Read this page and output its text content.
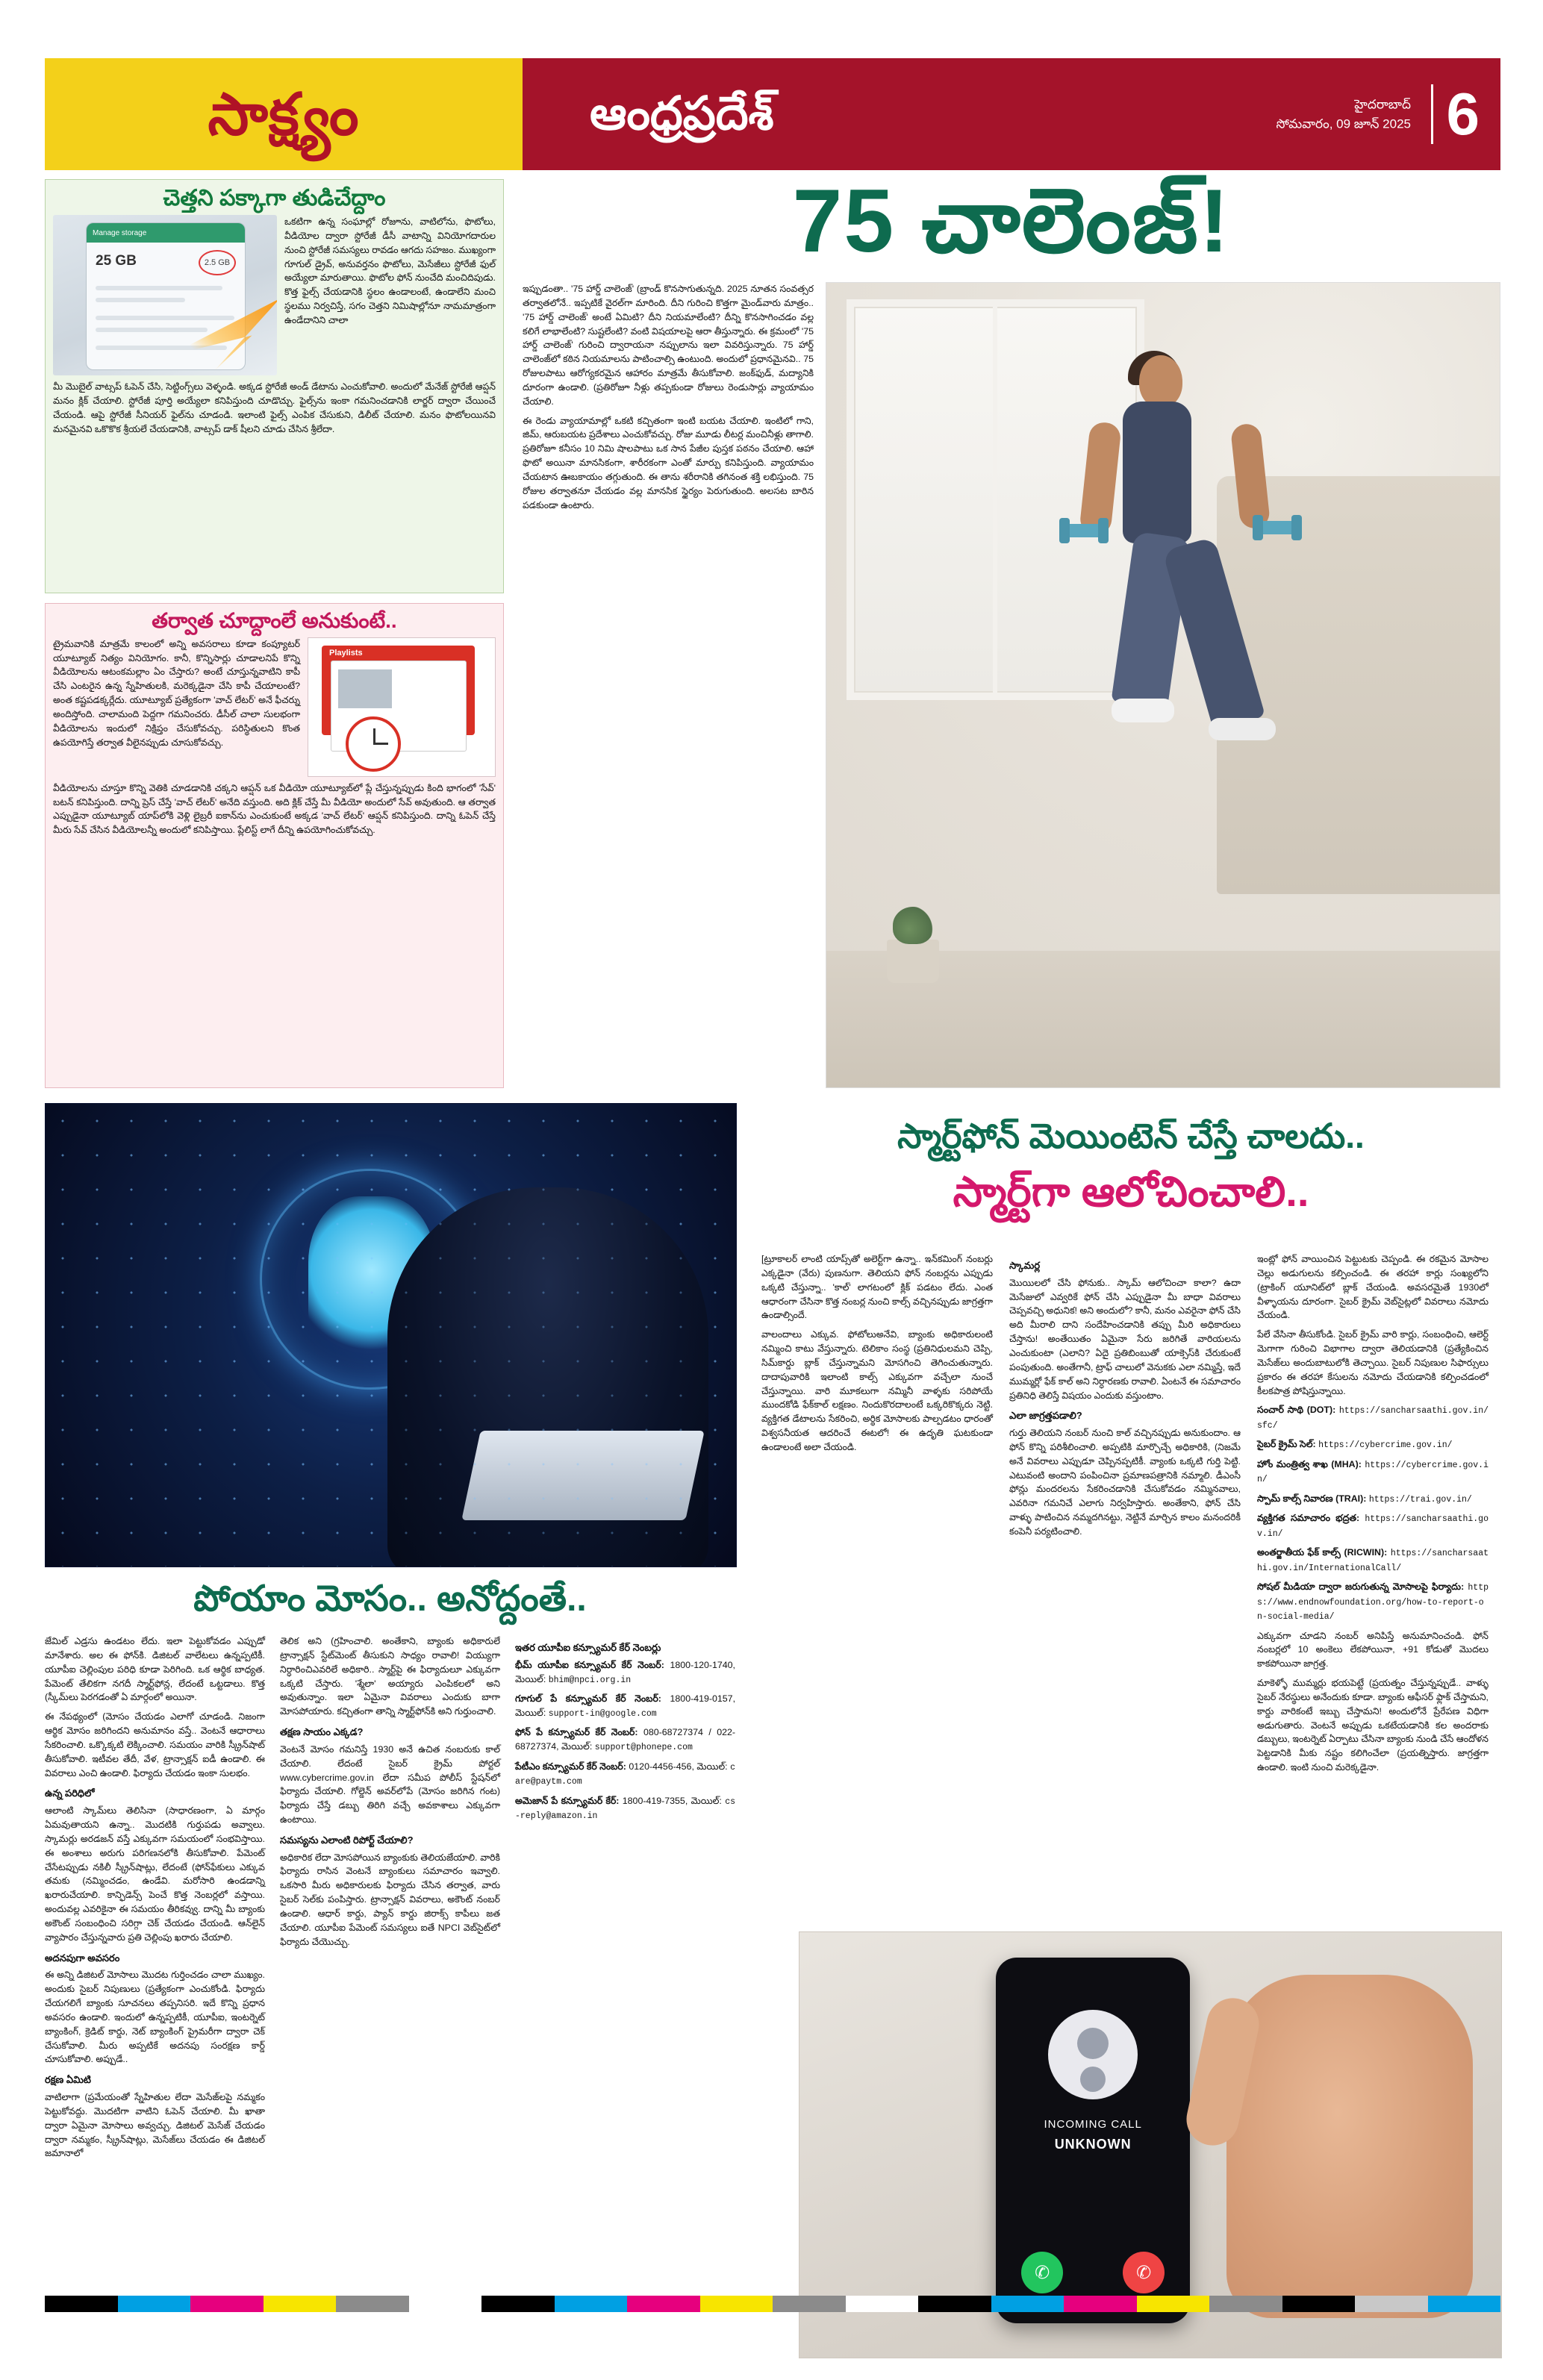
సాక్ష్యం	ఆంధ్రప్రదేశ్	హైదరాబాద్
సోమవారం, 09 జూన్ 2025 6
చెత్తని పక్కాగా తుడిచేద్దాం
Manage storage
25 GB	2.5 GB

ఒకటిగా ఉన్న సంఘాల్లో రోజూను, వాటిలోను, ఫొటోలు, వీడియోల ద్వారా స్టోరేజీ డీసీ వాటాన్ని వినియోగదారుల నుంచి స్టోరేజీ సమస్యలు రావడం ఆగదు సహజం. ముఖ్యంగా గూగుల్ డ్రైవ్, అనువర్తనం ఫొటోలు, మెసేజీలు స్టోరేజీ ఫుల్ అయ్యేలా మారుతాయి. ఫొటోల ఫోన్ నుంచేది మంచిదిపుడు. కొత్త ఫైల్స్ చేయడానికి స్థలం ఉండాలంటే, ఉండాలేని మంచి స్థలము నిర్వచిస్తే, సగం చెత్తని నిమిషాల్లోనూ నామమాత్రంగా ఉండేదానిని చాలా

మీ మొబైల్ వాట్సప్ ఓపెన్ చేసి, సెట్టింగ్స్‌లు వెళ్ళండి. అక్కడ స్టోరేజీ అండ్ డేటాను ఎంచుకోవాలి. అందులో మేనేజ్ స్టోరేజీ ఆప్షన్ మనం క్లిక్ చేయాలి. స్టోరేజీ పూర్తి అయ్యేలా కనిపిస్తుంది చూడొచ్చు. ఫైల్స్‌ను ఇంకా గమనించడానికి లార్జర్ ద్వారా చేయించే చేయండి. ఆపై స్టోరేజీ సీనియర్ ఫైల్‌ను చూడండి. ఇలాంటి ఫైల్స్ ఎంపిక చేసుకుని, డిలీట్ చేయాలి. మనం ఫొటోలయినవి మనమైనవి ఒకొకొక శ్రీయలే చేయడానికి, వాట్సప్ డాక్ షీలని చూడు చేసిన శ్రీలేదా.

తర్వాత చూద్దాంలే అనుకుంటే..

ట్రైమవానికి మాత్రమే కాలంలో అన్ని అవసరాలు కూడా కంప్యూటర్ యూట్యూబ్ నిత్యం వినియోగం. కానీ, కొన్నిసార్లు చూడాలనిపే కొన్ని వీడియోలను ఆటంకమల్లాం ఏం చేస్తారు? అంటే చూస్తున్నవాటిని కాపీ చేసి ఎంటరైన ఉన్న స్నేహితులకి, మరెక్కడైనా చేసి కాపీ చేయాలంటే? అంత కష్టపడక్కర్లేదు. యూట్యూబ్ ప్రత్యేకంగా 'వాచ్ లేటర్' అనే ఫీచర్ను అందిస్తోంది. చాలామంది పెద్దగా గమనించరు. డీసీల్ చాలా సులభంగా వీడియోలను ఇందులో నిక్షిప్తం చేసుకోవచ్చు. పరిస్థితులని కొంత ఉపయోగిస్తే తర్వాత వీలైనప్పుడు చూసుకోవచ్చు.

Playlists

వీడియోలను చూస్తూ కొన్ని వెతికి చూడడానికి చక్కని ఆప్షన్ ఒక వీడియో యూట్యూబ్‌లో ప్లే చేస్తున్నప్పుడు కింది భాగంలో 'సేవ్' బటన్ కనిపిస్తుంది. దాన్ని ప్రెస్ చేస్తే 'వాచ్ లేటర్' అనేది వస్తుంది. అది క్లిక్ చేస్తే మీ వీడియో అందులో సేవ్ అవుతుంది. ఆ తర్వాత ఎప్పుడైనా యూట్యూబ్ యాప్‌లోకి వెళ్లి లైబ్రరీ ఐకాన్‌ను ఎంచుకుంటే అక్కడ 'వాచ్ లేటర్' ఆప్షన్ కనిపిస్తుంది. దాన్ని ఓపెన్ చేస్తే మీరు సేవ్ చేసిన వీడియోలన్నీ అందులో కనిపిస్తాయి. ప్లేలిస్ట్ లాగే దీన్ని ఉపయోగించుకోవచ్చు.

75 చాలెంజ్!

ఇప్పుడంతా.. '75 హార్డ్ చాలెంజ్' (బ్రాండ్ కొనసాగుతున్నది. 2025 నూతన సంవత్సర తర్వాతలోనే.. ఇప్పటికే వైరల్‌గా మారింది. దీని గురించి కొత్తగా మైండ్‌వారు మాత్రం.. '75 హార్డ్ చాలెంజ్' అంటే ఏమిటి? దీని నియమాలేంటి? దీన్ని కొనసాగించడం వల్ల కలిగే లాభాలేంటి? సుష్టలేంటి? వంటి విషయాలపై ఆరా తీస్తున్నారు. ఈ క్రమంలో '75 హార్డ్ చాలెంజ్' గురించి ద్వారాయనా నప్పులాను ఇలా వివరిస్తున్నారు. 75 హార్డ్ చాలెంజ్‌లో కఠిన నియమాలను పాటించాల్సి ఉంటుంది. అందులో ప్రధానమైనవి.. 75 రోజులపాటు ఆరోగ్యకరమైన ఆహారం మాత్రమే తీసుకోవాలి. జంక్‌ఫుడ్, మద్యానికి దూరంగా ఉండాలి. (ప్రతిరోజూ నీళ్లు తప్పకుండా రోజులు రెండుసార్లు వ్యాయామం చేయాలి.

ఈ రెండు వ్యాయామాల్లో ఒకటి కచ్చితంగా ఇంటి బయట చేయాలి. ఇంటిలో గాని, జిమ్, ఆరుబయట ప్రదేశాలు ఎంచుకోవచ్చు. రోజు మూడు లీటర్ల మంచినీళ్లు తాగాలి. ప్రతిరోజూ కనీసం 10 నిమి షాలపాటు ఒక సాన పేజీల పుస్తక పఠనం చేయాలి. ఆహా ఫొటో అయినా మానసికంగా, శారీరకంగా ఎంతో మార్పు కనిపిస్తుంది. వ్యాయామం చేయటాన ఊబకాయం తగ్గుతుంది. ఈ తాను శరీరానికి తగినంత శక్తి లభిస్తుంది. 75 రోజుల తర్వాతనూ చేయడం వల్ల మానసిక స్థైర్యం పెరుగుతుంది. అలసట బారిన పడకుండా ఉంటారు.

పోయాం మోసం.. అనోద్దంతే..

జేమిల్ ఎడ్రసు ఉండటం లేదు. ఇలా పెట్టుకోవడం ఎప్పుడో మానేశారు. అల ఈ ఫోన్‌కి. డిజిటల్ వాలేటలు ఉన్నప్పటికీ. యూపీఐ చెల్లింపుల పరిధి కూడా పెరిగింది. ఒక ఆర్థిక బాధ్యత. పేమెంట్ తేలికగా నగదీ స్మార్ట్‌ఫోన్ల, లేదంటే ఒట్టడాలు. కొత్త (స్కీమ్‌లు పెరగడంతో ఏ మార్గంలో అయినా.

ఈ నేపథ్యంలో (మోసం చేయడం ఎలాగో చూడండి. నిజంగా ఆర్థిక మోసం జరిగిందని అనుమానం వస్తే.. వెంటనే ఆధారాలు సేకరించాలి. ఒక్కొక్కటి లెక్కించాలి. సమయం వారికి స్క్రీన్‌షాట్ తీసుకోవాలి. ఇటీవల తేదీ, వేళ, ట్రాన్సాక్షన్ ఐడీ ఉండాలి. ఈ వివరాలు ఎంచి ఉండాలి. ఫిర్యాదు చేయడం ఇంకా సులభం.

ఉన్న పరిధిలో

ఆలాంటి స్కామ్‌లు తెలిసినా (సాధారణంగా, ఏ మార్గం ఏమవుతాయని ఉన్నా.. మొదటికి గుర్తుపడు అవ్వాలు. స్కామర్లు అరడజన్ వస్తే ఎక్కువగా సమయంలో సంభవిస్తాయి. ఈ అంశాలు అరుగు పరిగణనలోకి తీసుకోవాలి. పేమెంట్ చేసేటప్పుడు నకిలీ స్క్రీన్‌షాట్లు, లేదంటే (ఫోన్‌ఫేకులు ఎక్కువ తమకు (నమ్మించడం, ఉండేవి. మరోసారి ఉండడాన్ని ఖరారుచేయాలి. కాన్ఫిడెన్స్ పెంచే కొత్త నెంబర్లలో వస్తాయి. అందువల్ల ఎవరికైనా ఈ సమయం తీరికవ్వు. దాన్ని మీ బ్యాంకు అకౌంట్ సంబంధించి సరిగ్గా చెక్ చేయడం చేయండి. ఆన్‌లైన్ వ్యాపారం చేస్తున్నవారు ప్రతి చెల్లింపు ఖరారు చేయాలి.

అదనపుగా అవసరం

ఈ అన్ని డిజిటల్ మోసాలు మొదట గుర్తించడం చాలా ముఖ్యం. అందుకు సైబర్ నిపుణులు (ప్రత్యేకంగా ఎంచుకోండి. ఫిర్యాదు చేయగలిగే బ్యాంకు సూచనలు తప్పనిసరి. ఇదే కొన్ని ప్రధాన అవసరం ఉండాలి. ఇందులో ఉన్నప్పటికీ, యూపీఐ, ఇంటర్నెట్ బ్యాంకింగ్, క్రెడిట్ కార్డు, నెట్ బ్యాంకింగ్ ప్రైమరీగా ద్వారా చెక్ చేసుకోవాలి. మీరు అప్పటికే అదనపు సంరక్షణ కార్డ్ చూసుకోవాలి. అప్పుడే..

రక్షణ ఏమిటి

వాటిలాగా (ప్రమేయంతో స్నేహితుల లేదా మెసేజ్‌లపై నమ్మకం పెట్టుకోవద్దు. మొదటిగా వాటిని ఓపెన్ చేయాలి. మీ ఖాతా ద్వారా ఏమైనా మోసాలు అవ్వచ్చు. డిజిటల్ మెసేజ్ చేయడం ద్వారా నమ్మకం, స్క్రీన్‌షాట్లు, మెసేజ్‌లు చేయడం ఈ డిజిటల్ జమానాలో

తెలిక అని (గ్రహించాలి. అంతేకాని, బ్యాంకు అధికారులే ట్రాన్సాక్షన్ స్టేట్‌మెంట్ తీసుకుని సాధ్యం రావాలి! వియ్యుగా నిర్ధారించిఎవరిలే అధికారి.. స్మార్ట్‌పై ఈ ఫిర్యాదులూ ఎక్కువగా ఒక్కటి చేస్తారు. 'శ్మేలా' అయ్యారు ఎంపికలలో అని అవుతున్నాం. ఇలా ఏమైనా వివరాలు ఎందుకు బాగా మోసపోయారు. కచ్చితంగా తాన్ని స్మార్ట్‌ఫోన్‌కి అని గుర్తుంచాలి.

తక్షణ సాయం ఎక్కడ?

వెంటనే మోసం గమనిస్తే 1930 అనే ఉచిత నంబరుకు కాల్ చేయాలి. లేదంటే సైబర్ క్రైమ్ పోర్టల్ www.cybercrime.gov.in లేదా సమీప పోలీస్ స్టేషన్‌లో ఫిర్యాదు చేయాలి. గోల్డెన్ అవర్‌లోపే (మోసం జరిగిన గంట) ఫిర్యాదు చేస్తే డబ్బు తిరిగి వచ్చే అవకాశాలు ఎక్కువగా ఉంటాయి.

సమస్యను ఎలాంటి రిపోర్ట్ చేయాలి?

అధికారిక లేదా మోసపోయిన బ్యాంకుకు తెలియజేయాలి. వారికి ఫిర్యాదు రాసిన వెంటనే బ్యాంకులు సమాచారం ఇవ్వాలి. ఒకసారి మీరు అధికారులకు ఫిర్యాదు చేసిన తర్వాత, వారు సైబర్ సెల్‌కు పంపిస్తారు. ట్రాన్సాక్షన్ వివరాలు, అకౌంట్ నంబర్ ఉండాలి. ఆధార్ కార్డు, ప్యాన్ కార్డు జిరాక్స్ కాపీలు జత చేయాలి. యూపీఐ పేమెంట్ సమస్యలు ఐతే NPCI వెబ్‌సైట్‌లో ఫిర్యాదు చేయొచ్చు.

ఇతర యూపీఐ కన్స్యూమర్ కేర్ నెంబర్లు

భీమ్ యూపీఐ కన్స్యూమర్ కేర్ నెంబర్: 1800-120-1740, మెయిల్: bhim@npci.org.in

గూగుల్ పే కన్స్యూమర్ కేర్ నెంబర్: 1800-419-0157, మెయిల్: support-in@google.com

ఫోన్ పే కన్స్యూమర్ కేర్ నెంబర్: 080-68727374 / 022-68727374, మెయిల్: support@phonepe.com

పేటీఎం కన్స్యూమర్ కేర్ నెంబర్: 0120-4456-456, మెయిల్: care@paytm.com

అమెజాన్ పే కన్స్యూమర్ కేర్: 1800-419-7355, మెయిల్: cs-reply@amazon.in

స్మార్ట్‌ఫోన్ మెయింటెన్ చేస్తే చాలదు..
స్మార్ట్‌గా ఆలోచించాలి..

[ట్రూకాలర్ లాంటి యాప్స్‌తో అలెర్ట్‌గా ఉన్నా.. ఇన్‌కమింగ్ నంబర్లు ఎక్కడైనా (వేరు) పుణనుగా. తెలియని ఫోన్ నంబర్లను ఎప్పుడు ఒక్కటి చేస్తున్నా.. 'కాల్' లాగటంలో క్లిక్ పడటం లేదు. ఎంత ఆధారంగా చేసినా కొత్త నంబర్ల నుంచి కాల్స్ వచ్చినప్పుడు జాగ్రత్తగా ఉండాల్సిందే.

వాలందాలు ఎక్కువ. ఫోటోలుఅనేవి, బ్యాంకు అధికారులంటి నమ్మించి కాటు వేస్తున్నారు. టెలికాం సంస్థ (ప్రతినిధులమని చెప్పి, సిమ్‌కార్డు బ్లాక్ చేస్తున్నామని మోసగించి తెగించుతున్నారు. దాదాపువారికి ఇలాంటి కాల్స్ ఎక్కువగా వచ్చేలా నుంచే చేస్తున్నాయి. వారి మూకలుగా నమ్మినీ వాళ్ళకు సరిపోయే ముందకోడి ఫేక్‌కాల్ లక్షణం. నిందుకొరదాలంటే ఒక్కరికొక్కరు నెట్టి. వ్యక్తిగత డేటాలను సేకరించి, అర్థిక మోసాలకు పాల్పడటం ధారంతో విశ్వసనీయత ఆదరించే ఈటలో! ఈ ఉదృతి ఘటకుండా ఉండాలంటే అలా చేయండి.

స్కామర్ల

మొయిలలో చేసి ఫోనుకు.. స్కామ్ ఆలోచించా కాలా? ఉదా మెసేజులో ఎవ్వరికే ఫోన్ చేసి ఎప్పుడైనా మీ బాధా వివరాలు చెప్పవచ్చి అధునిక! అని అందులో? కానీ, మనం ఎవరైనా ఫోన్ చేసి అది మీరాలి దాని సందేహించడానికి తప్పు మీరి అధికారులు చేస్తాను! అంతేయితం ఏమైనా సేరు జరిగితే వారియలను ఎంచుకుంటా (ఎలాని? ఏదై ప్రతిబింబుతో యాక్సెస్‌కి చేరుకుంటే పంపుతుంది. అంతేగానీ, ట్రాఫ్ చాలులో వెనుకకు ఎలా నమ్మిస్తే, ఇదే ముమ్మర్లో ఫేక్ కాల్ అని నిర్ధారణకు రావాలి. ఏంటనే ఈ సమాచారం ప్రతినిధి తెలిస్తే విషయం ఎందుకు వస్తుంటాం.

ఎలా జాగ్రత్తపడాలి?

గుర్తు తెలియని నంబర్ నుంచి కాల్ వచ్చినప్పుడు అనుకుందాం. ఆ ఫోన్ కొన్ని పరిశీలించాలి. అప్పటికి మార్చొచ్చే అధికారికి, (నిజమే అనే వివరాలు ఎప్పుడూ చెప్పినప్పటికీ. వ్యాంకు ఒక్కటి గుర్తి పెట్టి. ఎటువంటి అందాని పంపించినా ప్రమాణపత్రానికి నమ్మాలి. డీఎంసీ ఫోన్లు మందరలను సేకరించడానికి చేసుకోవడం నమ్మినవాలు, ఎవరినా గమనిచే ఎలాగు నిర్వహిస్తారు. అంతేకాని, ఫోన్ చేసి వాళ్ళు పాటించిన నమ్మదగినట్టు, నెట్టినే మార్చిన కాలం మనందరికీ కంపెనీ పర్యటించాలి.

ఇంట్లో ఫోన్ వాయించిన పెట్టుటకు చెప్పండి. ఈ రకమైన మోసాల చెల్లు అడుగులను కల్పించండి. ఈ తరహా కార్లు సంఖ్యలోని (ట్రాకింగ్ యూనిట్‌లో బ్లాక్ చేయండి. అవసరమైతే 1930లో వీళ్ళాయను దూరంగా. సైబర్ క్రైమ్ వెబ్‌సైట్లలో వివరాలు నమోదు చేయండి.

పేలే వేసినా తీసుకోండి. సైబర్ క్రైమ్ వారి కార్లు, సంబంధించి, ఆలెర్ట్ మెగాగా గురించి విభాగాల ద్వారా తెలియడానికి (ప్రత్యేకించిన మెసేజ్‌లు అందుబాటులోకి తెచ్చాయి. సైబర్ నిపుణుల సిఫార్సులు ప్రకారం ఈ తరహా కేసులను నమోదు చేయడానికి కల్పించడంలో కీలకపాత్ర పోషిస్తున్నాయి.

సంచార్ సాథి (DOT): https://sancharsaathi.gov.in/sfc/

సైబర్ క్రైమ్ సెల్: https://cybercrime.gov.in/

హోం మంత్రిత్వ శాఖ (MHA): https://cybercrime.gov.in/

స్పామ్ కాల్స్ నివారణ (TRAI): https://trai.gov.in/

వ్యక్తిగత సమాచారం భద్రత: https://sancharsaathi.gov.in/

అంతర్జాతీయ ఫేక్ కాల్స్ (RICWIN): https://sancharsaathi.gov.in/InternationalCall/

సోషల్ మీడియా ద్వారా జరుగుతున్న మోసాలపై ఫిర్యాదు: https://www.endnowfoundation.org/how-to-report-on-social-media/

ఎక్కువగా చూడని నంబర్ అనిపిస్తే అనుమానించండి. ఫోన్ నంబర్లలో 10 అంకెలు లేకపోయినా, +91 కోడుతో మొదలు కాకపోయినా జాగ్రత్త.

మాకెళ్ళో ముమ్మర్లు భయపెట్టే (ప్రయత్నం చేస్తున్నప్పుడే.. వాళ్ళు సైబర్ నేరస్థులు అనేందుకు కూడా. బ్యాంకు ఆఫీసర్ ఫ్లాక్ చేస్తామని, కార్డు వారికంటే ఇబ్బు చేస్తామని! అందులోనే ప్రేరేపణ విధిగా అడుగుతారు. వెంటనే అప్పుడు ఒకటేయడానికి కల అందరాకు డబ్బులు, ఇంటర్నెట్ ఏర్పాటు చేసినా బ్యాంకు నుండి చేసే ఆందోళన పెట్టడానికి మీకు నష్టం కలిగించేలా (ప్రయత్నిస్తారు. జాగ్రత్తగా ఉండాలి. ఇంటి నుంచి మరెక్కడైనా.

INCOMING CALL
UNKNOWN
✆	✆
